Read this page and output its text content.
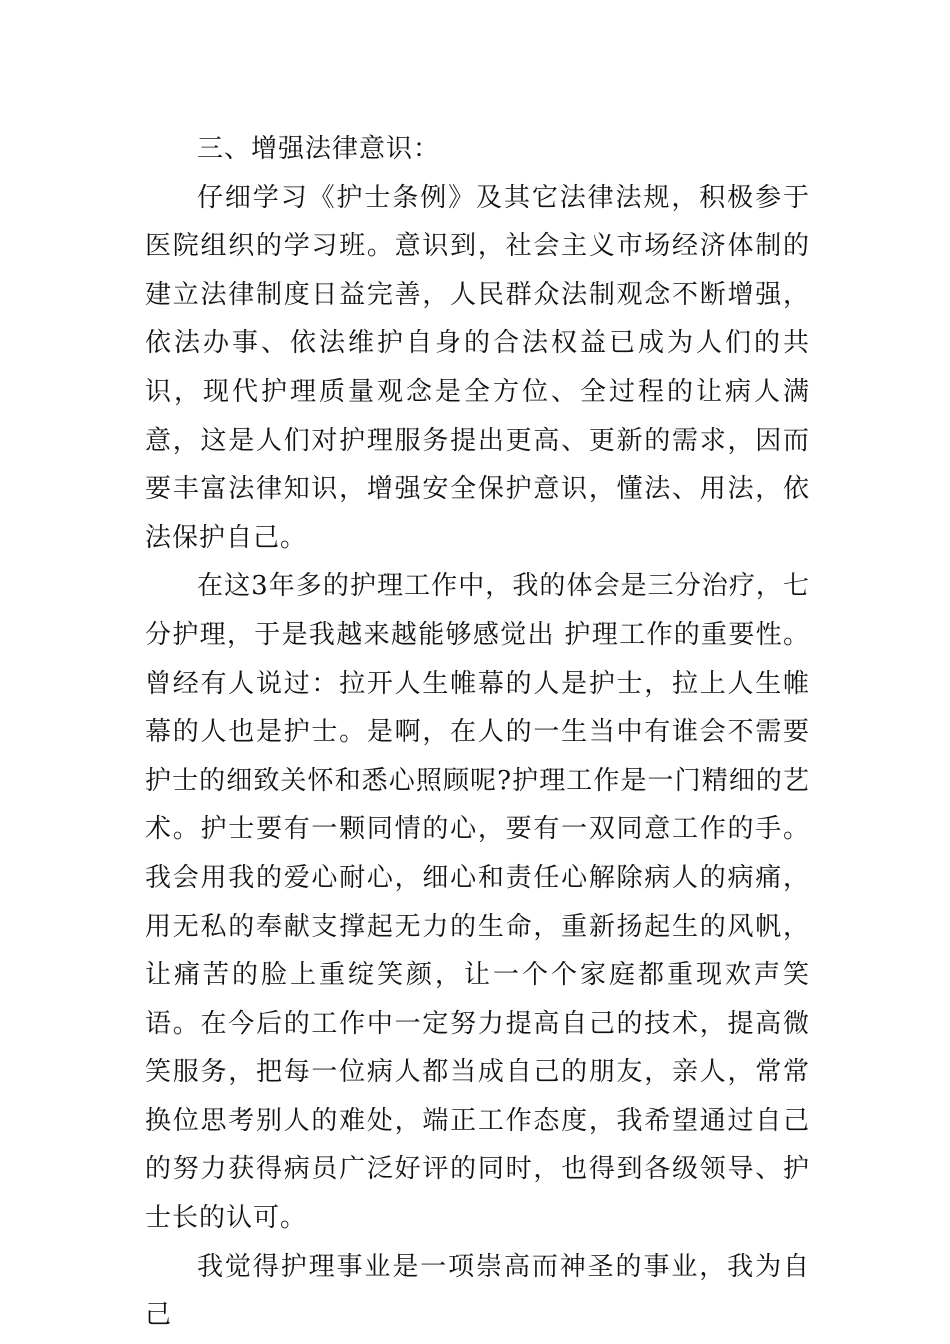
三、增强法律意识：

仔细学习《护士条例》及其它法律法规，积极参于医院组织的学习班。意识到，社会主义市场经济体制的建立法律制度日益完善，人民群众法制观念不断增强，依法办事、依法维护自身的合法权益已成为人们的共识，现代护理质量观念是全方位、全过程的让病人满意，这是人们对护理服务提出更高、更新的需求，因而要丰富法律知识，增强安全保护意识，懂法、用法，依法保护自己。

在这3年多的护理工作中，我的体会是三分治疗，七分护理，于是我越来越能够感觉出 护理工作的重要性。曾经有人说过：拉开人生帷幕的人是护士，拉上人生帷幕的人也是护士。是啊，在人的一生当中有谁会不需要护士的细致关怀和悉心照顾呢?护理工作是一门精细的艺术。护士要有一颗同情的心，要有一双同意工作的手。我会用我的爱心耐心，细心和责任心解除病人的病痛，用无私的奉献支撑起无力的生命，重新扬起生的风帆，让痛苦的脸上重绽笑颜，让一个个家庭都重现欢声笑语。在今后的工作中一定努力提高自己的技术，提高微笑服务，把每一位病人都当成自己的朋友，亲人，常常换位思考别人的难处，端正工作态度，我希望通过自己的努力获得病员广泛好评的同时，也得到各级领导、护士长的认可。

我觉得护理事业是一项崇高而神圣的事业，我为自己
